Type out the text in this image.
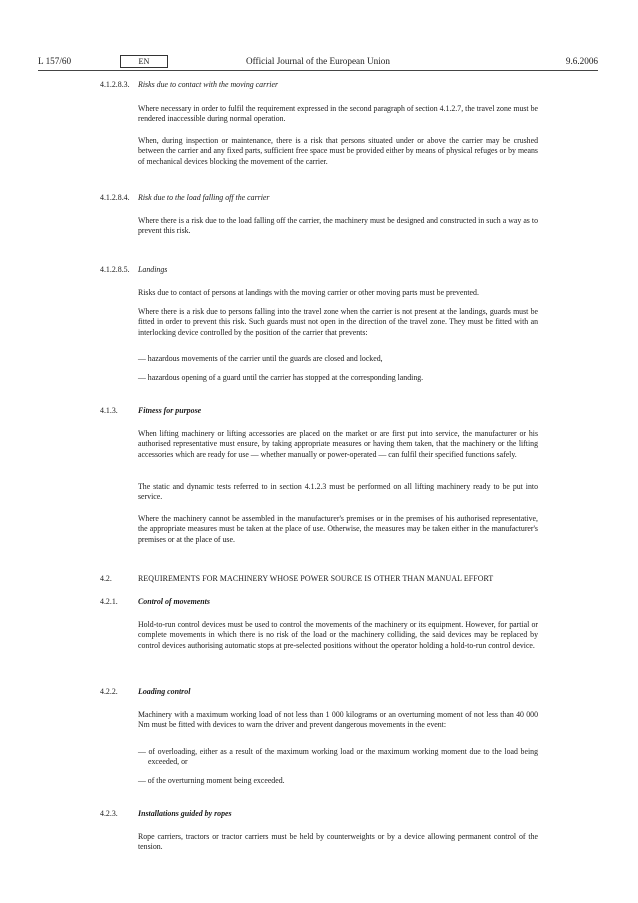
L 157/60	EN	Official Journal of the European Union	9.6.2006
4.1.2.8.3. Risks due to contact with the moving carrier
Where necessary in order to fulfil the requirement expressed in the second paragraph of section 4.1.2.7, the travel zone must be rendered inaccessible during normal operation.
When, during inspection or maintenance, there is a risk that persons situated under or above the carrier may be crushed between the carrier and any fixed parts, sufficient free space must be provided either by means of physical refuges or by means of mechanical devices blocking the movement of the carrier.
4.1.2.8.4. Risk due to the load falling off the carrier
Where there is a risk due to the load falling off the carrier, the machinery must be designed and constructed in such a way as to prevent this risk.
4.1.2.8.5. Landings
Risks due to contact of persons at landings with the moving carrier or other moving parts must be prevented.
Where there is a risk due to persons falling into the travel zone when the carrier is not present at the landings, guards must be fitted in order to prevent this risk. Such guards must not open in the direction of the travel zone. They must be fitted with an interlocking device controlled by the position of the carrier that prevents:
— hazardous movements of the carrier until the guards are closed and locked,
— hazardous opening of a guard until the carrier has stopped at the corresponding landing.
4.1.3.	Fitness for purpose
When lifting machinery or lifting accessories are placed on the market or are first put into service, the manufacturer or his authorised representative must ensure, by taking appropriate measures or having them taken, that the machinery or the lifting accessories which are ready for use — whether manually or power-operated — can fulfil their specified functions safely.
The static and dynamic tests referred to in section 4.1.2.3 must be performed on all lifting machinery ready to be put into service.
Where the machinery cannot be assembled in the manufacturer's premises or in the premises of his authorised representative, the appropriate measures must be taken at the place of use. Otherwise, the measures may be taken either in the manufacturer's premises or at the place of use.
4.2.	REQUIREMENTS FOR MACHINERY WHOSE POWER SOURCE IS OTHER THAN MANUAL EFFORT
4.2.1.	Control of movements
Hold-to-run control devices must be used to control the movements of the machinery or its equipment. However, for partial or complete movements in which there is no risk of the load or the machinery colliding, the said devices may be replaced by control devices authorising automatic stops at pre-selected positions without the operator holding a hold-to-run control device.
4.2.2.	Loading control
Machinery with a maximum working load of not less than 1 000 kilograms or an overturning moment of not less than 40 000 Nm must be fitted with devices to warn the driver and prevent dangerous movements in the event:
— of overloading, either as a result of the maximum working load or the maximum working moment due to the load being exceeded, or
— of the overturning moment being exceeded.
4.2.3.	Installations guided by ropes
Rope carriers, tractors or tractor carriers must be held by counterweights or by a device allowing permanent control of the tension.
